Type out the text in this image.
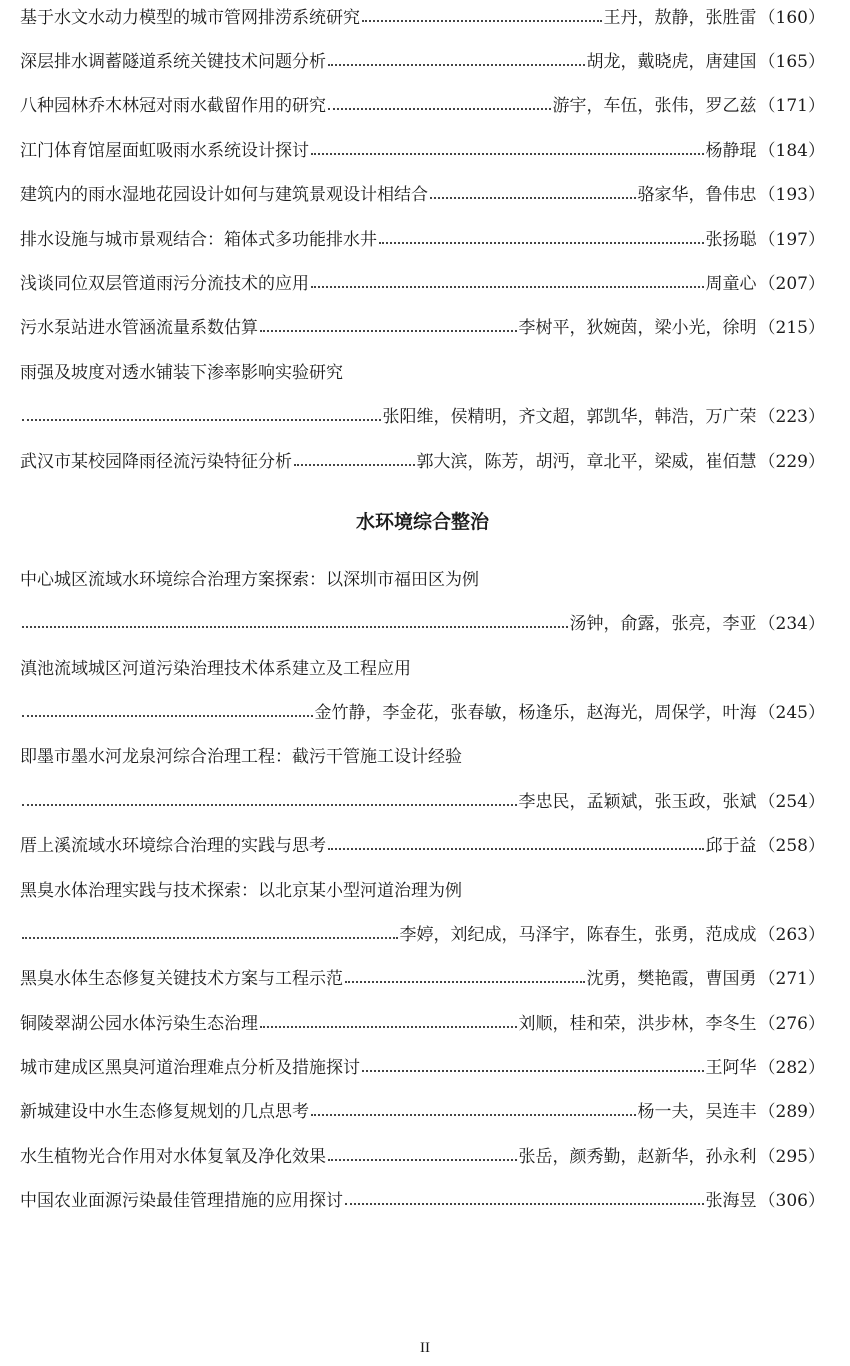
基于水文水动力模型的城市管网排涝系统研究	王丹，敖静，张胜雷 （160）
深层排水调蓄隧道系统关键技术问题分析	胡龙，戴晓虎，唐建国 （165）
八种园林乔木林冠对雨水截留作用的研究	游宇，车伍，张伟，罗乙兹 （171）
江门体育馆屋面虹吸雨水系统设计探讨	杨静琨 （184）
建筑内的雨水湿地花园设计如何与建筑景观设计相结合	骆家华，鲁伟忠 （193）
排水设施与城市景观结合：箱体式多功能排水井	张扬聪 （197）
浅谈同位双层管道雨污分流技术的应用	周童心 （207）
污水泵站进水管涵流量系数估算	李树平，狄婉茵，梁小光，徐明 （215）
雨强及坡度对透水铺装下渗率影响实验研究
张阳维，侯精明，齐文超，郭凯华，韩浩，万广荣 （223）
武汉市某校园降雨径流污染特征分析	郭大滨，陈芳，胡沔，章北平，梁威，崔佰慧 （229）
水环境综合整治
中心城区流域水环境综合治理方案探索：以深圳市福田区为例
汤钟，俞露，张亮，李亚 （234）
滇池流域城区河道污染治理技术体系建立及工程应用
金竹静，李金花，张春敏，杨逢乐，赵海光，周保学，叶海 （245）
即墨市墨水河龙泉河综合治理工程：截污干管施工设计经验
李忠民，孟颖斌，张玉政，张斌 （254）
厝上溪流域水环境综合治理的实践与思考	邱于益 （258）
黑臭水体治理实践与技术探索：以北京某小型河道治理为例
李婷，刘纪成，马泽宇，陈春生，张勇，范成成 （263）
黑臭水体生态修复关键技术方案与工程示范	沈勇，樊艳霞，曹国勇 （271）
铜陵翠湖公园水体污染生态治理	刘顺，桂和荣，洪步林，李冬生 （276）
城市建成区黑臭河道治理难点分析及措施探讨	王阿华 （282）
新城建设中水生态修复规划的几点思考	杨一夫，吴连丰 （289）
水生植物光合作用对水体复氧及净化效果	张岳，颜秀勤，赵新华，孙永利 （295）
中国农业面源污染最佳管理措施的应用探讨	张海昱 （306）
II
